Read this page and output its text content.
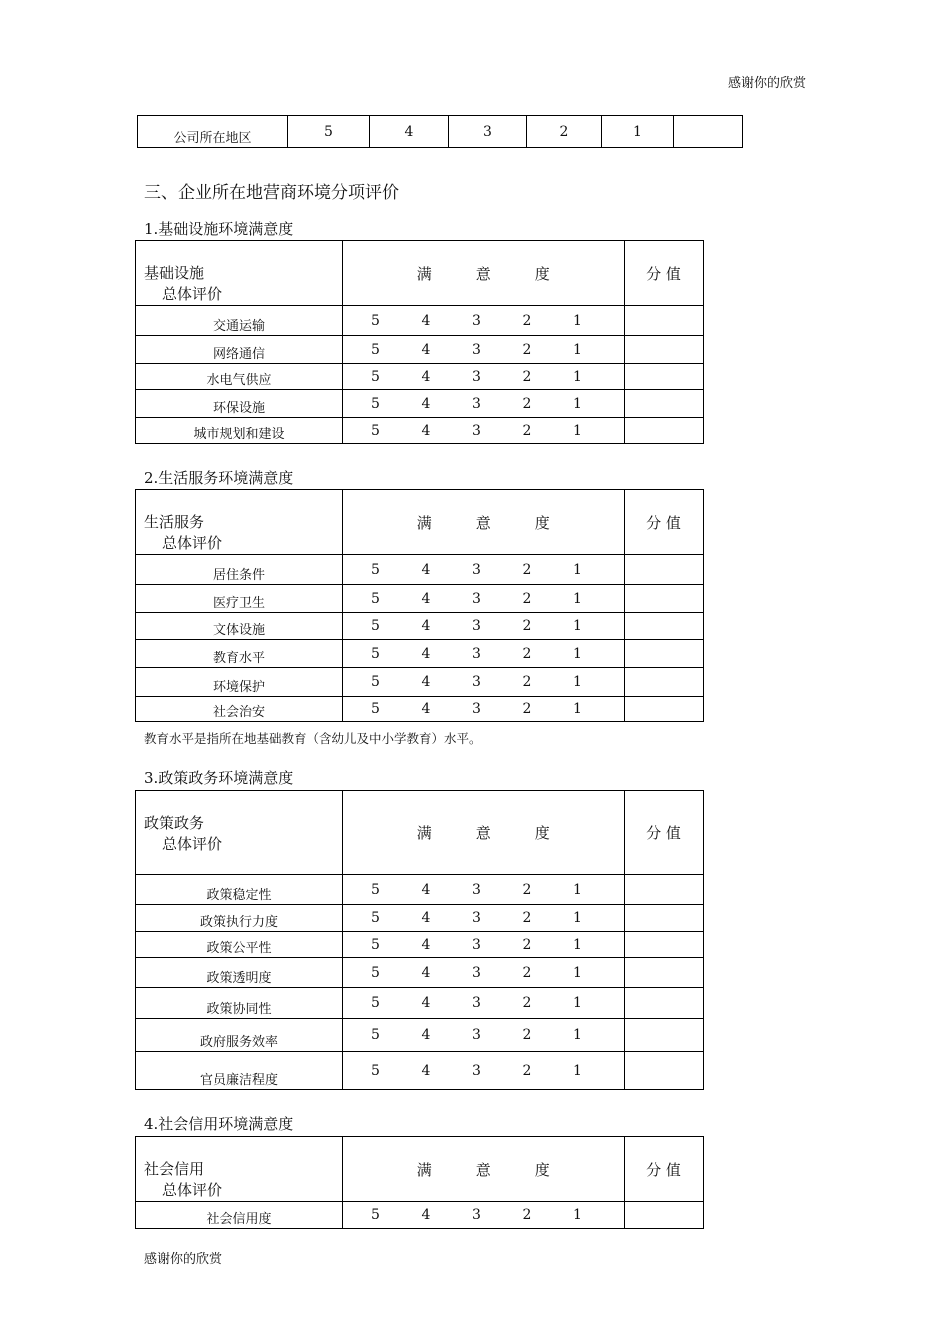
感谢你的欣赏
公司所在地区	5	4	3	2	1	
三、企业所在地营商环境分项评价
1.基础设施环境满意度
基础设施
总体评价	满 意 度	分 值
交通运输	5 4 3 2 1	

网络通信	5 4 3 2 1	

水电气供应	5 4 3 2 1	

环保设施	5 4 3 2 1	

城市规划和建设	5 4 3 2 1	

2.生活服务环境满意度
生活服务
总体评价	满 意 度	分 值
居住条件	5 4 3 2 1	

医疗卫生	5 4 3 2 1	

文体设施	5 4 3 2 1	

教育水平	5 4 3 2 1	

环境保护	5 4 3 2 1	

社会治安	5 4 3 2 1	

3.政策政务环境满意度
政策政务
总体评价	满 意 度	分 值
政策稳定性	5 4 3 2 1	

政策执行力度	5 4 3 2 1	

政策公平性	5 4 3 2 1	

政策透明度	5 4 3 2 1	

政策协同性	5 4 3 2 1	

政府服务效率	5 4 3 2 1	

官员廉洁程度	5 4 3 2 1	

4.社会信用环境满意度
社会信用
总体评价	满 意 度	分 值
社会信用度	5 4 3 2 1	

教育水平是指所在地基础教育（含幼儿及中小学教育）水平。
感谢你的欣赏
